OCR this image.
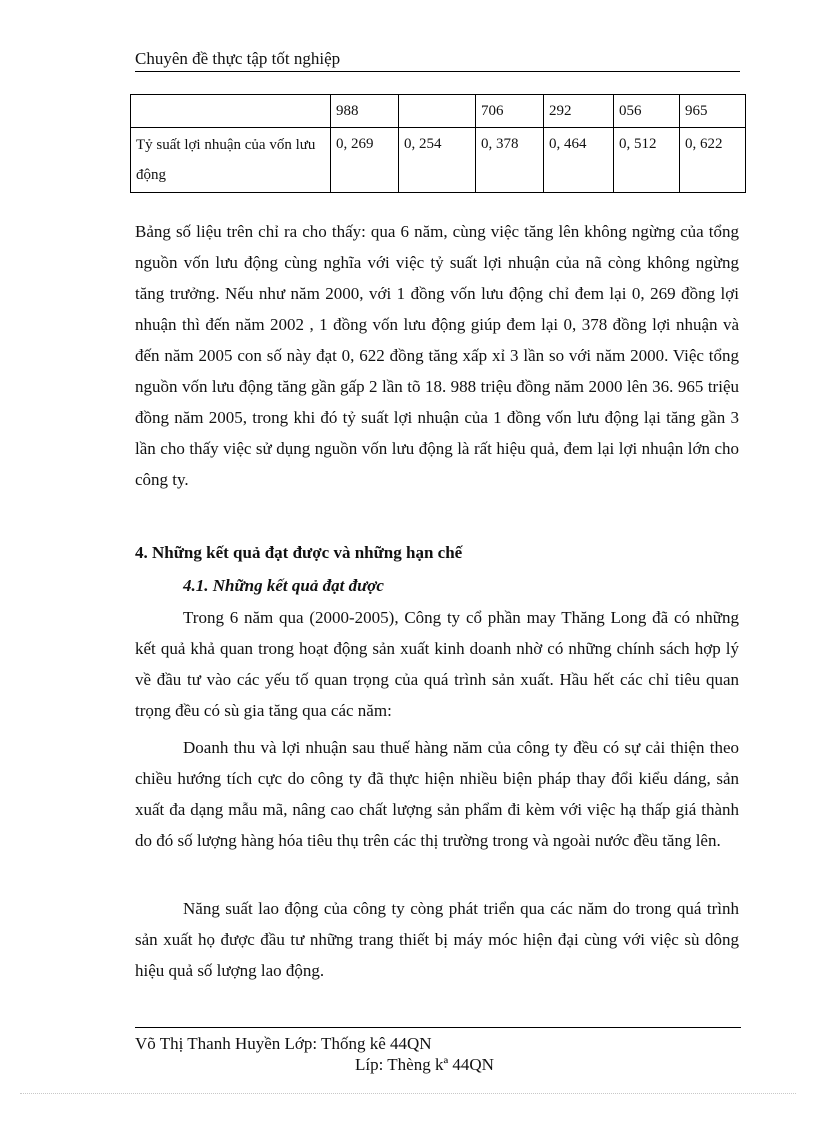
Chuyên đề thực tập tốt nghiệp
	988		706	292	056	965
Tỷ suất lợi nhuận của vốn lưu động	0, 269	0, 254	0, 378	0, 464	0, 512	0, 622

Bảng số liệu trên chỉ ra cho thấy: qua 6 năm, cùng việc tăng lên không ngừng của tổng nguồn vốn lưu động cùng nghĩa với việc tỷ suất lợi nhuận của nã còng không ngừng tăng trưởng. Nếu như năm 2000, với 1 đồng vốn lưu động chỉ đem lại 0, 269 đồng lợi nhuận thì đến năm 2002 , 1 đồng vốn lưu động giúp đem lại 0, 378 đồng lợi nhuận và đến năm 2005 con số này đạt 0, 622 đồng tăng xấp xỉ 3 lần so với năm 2000. Việc tổng nguồn vốn lưu động tăng gần gấp 2 lần tõ 18. 988 triệu đồng năm 2000 lên 36. 965 triệu đồng năm 2005, trong khi đó tỷ suất lợi nhuận của 1 đồng vốn lưu động lại tăng gần 3 lần cho thấy việc sử dụng nguồn vốn lưu động là rất hiệu quả, đem lại lợi nhuận lớn cho công ty.

4. Những kết quả đạt được và những hạn chế

4.1. Những kết quả đạt được

Trong 6 năm qua (2000-2005), Công ty cổ phần may Thăng Long đã có những kết quả khả quan trong hoạt động sản xuất kinh doanh nhờ có những chính sách hợp lý về đầu tư vào các yếu tố quan trọng của quá trình sản xuất. Hầu hết các chỉ tiêu quan trọng đều có sù gia tăng qua các năm:

Doanh thu và lợi nhuận sau thuế hàng năm của công ty đều có sự cải thiện theo chiều hướng tích cực do công ty đã thực hiện nhiều biện pháp thay đổi kiểu dáng, sản xuất đa dạng mẫu mã, nâng cao chất lượng sản phẩm đi kèm với việc hạ thấp giá thành do đó số lượng hàng hóa tiêu thụ trên các thị trường trong và ngoài nước đều tăng lên.

Năng suất lao động của công ty còng phát triển qua các năm do trong quá trình sản xuất họ được đầu tư những trang thiết bị máy móc hiện đại cùng với việc sù dông hiệu quả số lượng lao động.

Võ Thị Thanh Huyền Lớp: Thống kê 44QN
Líp: Thèng kª 44QN
